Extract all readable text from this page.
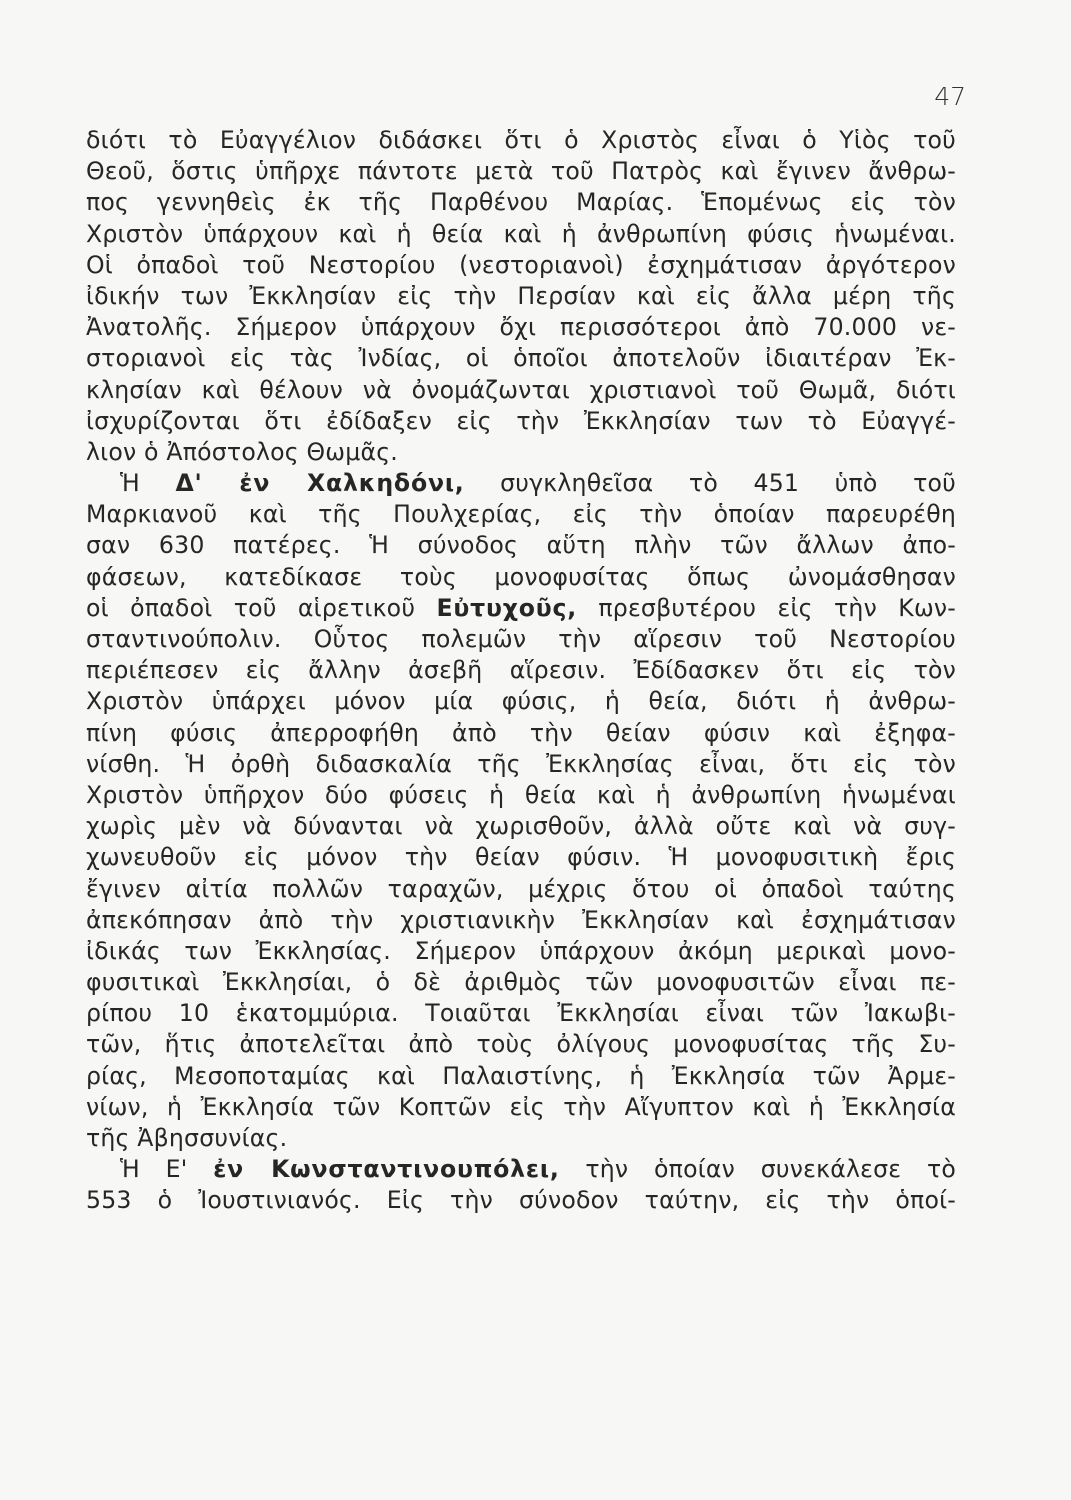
47
διότι τὸ Εὐαγγέλιον διδάσκει ὅτι ὁ Χριστὸς εἶναι ὁ Υἱὸς τοῦ
Θεοῦ, ὅστις ὑπῆρχε πάντοτε μετὰ τοῦ Πατρὸς καὶ ἔγινεν ἄνθρω-
πος γεννηθεὶς ἐκ τῆς Παρθένου Μαρίας. Ἑπομένως εἰς τὸν
Χριστὸν ὑπάρχουν καὶ ἡ θεία καὶ ἡ ἀνθρωπίνη φύσις ἡνωμέναι.
Οἱ ὀπαδοὶ τοῦ Νεστορίου (νεστοριανοὶ) ἐσχημάτισαν ἀργότερον
ἰδικήν των Ἐκκλησίαν εἰς τὴν Περσίαν καὶ εἰς ἄλλα μέρη τῆς
Ἀνατολῆς. Σήμερον ὑπάρχουν ὄχι περισσότεροι ἀπὸ 70.000 νε-
στοριανοὶ εἰς τὰς Ἰνδίας, οἱ ὁποῖοι ἀποτελοῦν ἰδιαιτέραν Ἐκ-
κλησίαν καὶ θέλουν νὰ ὀνομάζωνται χριστιανοὶ τοῦ Θωμᾶ, διότι
ἰσχυρίζονται ὅτι ἐδίδαξεν εἰς τὴν Ἐκκλησίαν των τὸ Εὐαγγέ-
λιον ὁ Ἀπόστολος Θωμᾶς.
Ἡ Δ' ἐν Χαλκηδόνι, συγκληθεῖσα τὸ 451 ὑπὸ τοῦ
Μαρκιανοῦ καὶ τῆς Πουλχερίας, εἰς τὴν ὁποίαν παρευρέθη
σαν 630 πατέρες. Ἡ σύνοδος αὕτη πλὴν τῶν ἄλλων ἀπο-
φάσεων, κατεδίκασε τοὺς μονοφυσίτας ὅπως ὠνομάσθησαν
οἱ ὀπαδοὶ τοῦ αἱρετικοῦ Εὐτυχοῦς, πρεσβυτέρου εἰς τὴν Κων-
σταντινούπολιν. Οὗτος πολεμῶν τὴν αἵρεσιν τοῦ Νεστορίου
περιέπεσεν εἰς ἄλλην ἀσεβῆ αἵρεσιν. Ἐδίδασκεν ὅτι εἰς τὸν
Χριστὸν ὑπάρχει μόνον μία φύσις, ἡ θεία, διότι ἡ ἀνθρω-
πίνη φύσις ἀπερροφήθη ἀπὸ τὴν θείαν φύσιν καὶ ἐξηφα-
νίσθη. Ἡ ὀρθὴ διδασκαλία τῆς Ἐκκλησίας εἶναι, ὅτι εἰς τὸν
Χριστὸν ὑπῆρχον δύο φύσεις ἡ θεία καὶ ἡ ἀνθρωπίνη ἡνωμέναι
χωρὶς μὲν νὰ δύνανται νὰ χωρισθοῦν, ἀλλὰ οὔτε καὶ νὰ συγ-
χωνευθοῦν εἰς μόνον τὴν θείαν φύσιν. Ἡ μονοφυσιτικὴ ἔρις
ἔγινεν αἰτία πολλῶν ταραχῶν, μέχρις ὅτου οἱ ὀπαδοὶ ταύτης
ἀπεκόπησαν ἀπὸ τὴν χριστιανικὴν Ἐκκλησίαν καὶ ἐσχημάτισαν
ἰδικάς των Ἐκκλησίας. Σήμερον ὑπάρχουν ἀκόμη μερικαὶ μονο-
φυσιτικαὶ Ἐκκλησίαι, ὁ δὲ ἀριθμὸς τῶν μονοφυσιτῶν εἶναι πε-
ρίπου 10 ἑκατομμύρια. Τοιαῦται Ἐκκλησίαι εἶναι τῶν Ἰακωβι-
τῶν, ἥτις ἀποτελεῖται ἀπὸ τοὺς ὀλίγους μονοφυσίτας τῆς Συ-
ρίας, Μεσοποταμίας καὶ Παλαιστίνης, ἡ Ἐκκλησία τῶν Ἀρμε-
νίων, ἡ Ἐκκλησία τῶν Κοπτῶν εἰς τὴν Αἴγυπτον καὶ ἡ Ἐκκλησία
τῆς Ἀβησσυνίας.
Ἡ Ε' ἐν Κωνσταντινουπόλει, τὴν ὁποίαν συνεκάλεσε τὸ
553 ὁ Ἰουστινιανός. Εἰς τὴν σύνοδον ταύτην, εἰς τὴν ὁποί-
